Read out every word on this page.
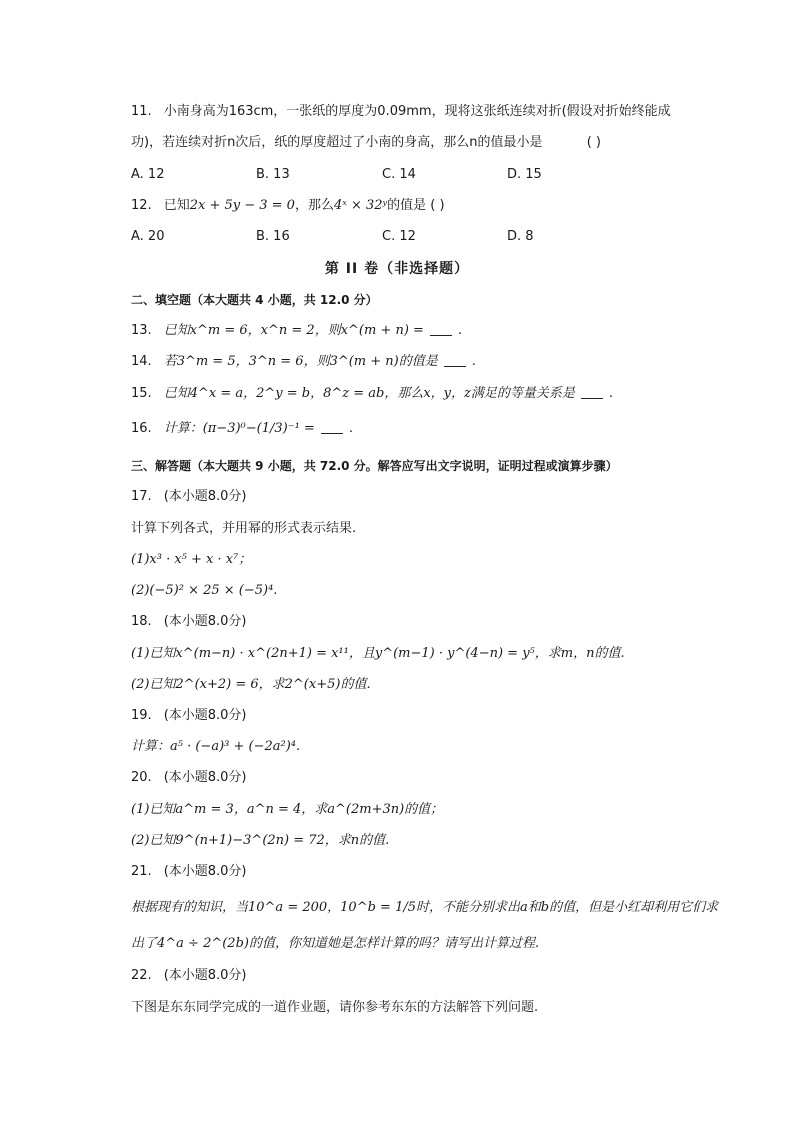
11. 小南身高为163cm，一张纸的厚度为0.09mm，现将这张纸连续对折(假设对折始终能成
功)，若连续对折n次后，纸的厚度超过了小南的身高，那么n的值最小是	( )
A. 12	B. 13	C. 14	D. 15
12. 已知2x + 5y − 3 = 0，那么4ˣ × 32ʸ的值是 ( )
A. 20	B. 16	C. 12	D. 8
第 II 卷（非选择题）
二、填空题（本大题共 4 小题，共 12.0 分）
13. 已知x^m = 6，x^n = 2，则x^(m + n) =	.
14. 若3^m = 5，3^n = 6，则3^(m + n)的值是	.
15. 已知4^x = a，2^y = b，8^z = ab，那么x，y，z满足的等量关系是	.
16. 计算：(π−3)⁰−(1/3)⁻¹ =	.
三、解答题（本大题共 9 小题，共 72.0 分。解答应写出文字说明，证明过程或演算步骤）
17. (本小题8.0分)
计算下列各式，并用幂的形式表示结果.
(1)x³ · x⁵ + x · x⁷；
(2)(−5)² × 25 × (−5)⁴.
18. (本小题8.0分)
(1)已知x^(m−n) · x^(2n+1) = x¹¹，且y^(m−1) · y^(4−n) = y⁵，求m，n的值.
(2)已知2^(x+2) = 6，求2^(x+5)的值.
19. (本小题8.0分)
计算：a⁵ · (−a)³ + (−2a²)⁴.
20. (本小题8.0分)
(1)已知a^m = 3，a^n = 4，求a^(2m+3n)的值；
(2)已知9^(n+1)−3^(2n) = 72，求n的值.
21. (本小题8.0分)
根据现有的知识，当10^a = 200，10^b = 1/5时，不能分别求出a和b的值，但是小红却利用它们求
出了4^a ÷ 2^(2b)的值，你知道她是怎样计算的吗？请写出计算过程.
22. (本小题8.0分)
下图是东东同学完成的一道作业题，请你参考东东的方法解答下列问题.
